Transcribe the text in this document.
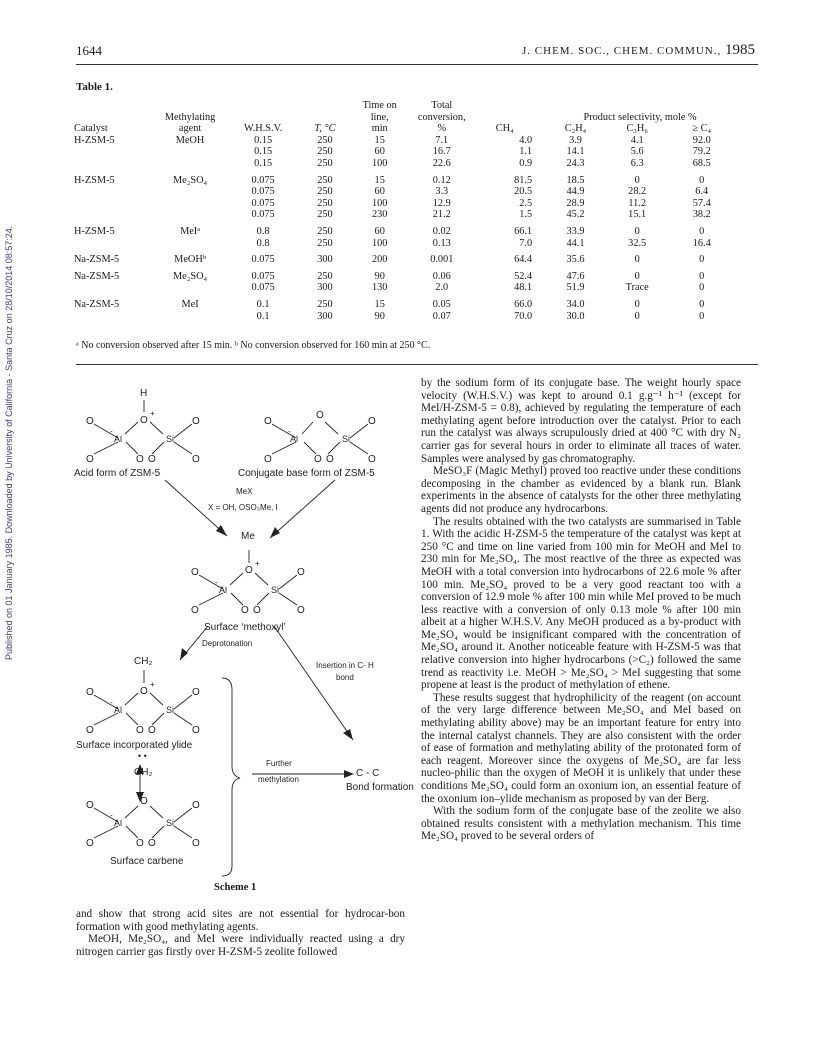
Published on 01 January 1985. Downloaded by University of California - Santa Cruz on 28/10/2014 08:57:24.
1644	J. CHEM. SOC., CHEM. COMMUN., 1985
Table 1.
				Time on	Total				
	Methylating			line,	conversion,		Product selectivity, mole %		
Catalyst	agent	W.H.S.V.	T, °C	min	%	CH₄	C₂H₄	C₃H₆	≥ C₄
H-ZSM-5	MeOH	0.15	250	15	7.1	4.0	3.9	4.1	92.0
		0.15	250	60	16.7	1.1	14.1	5.6	79.2
		0.15	250	100	22.6	0.9	24.3	6.3	68.5

H-ZSM-5	Me₂SO₄	0.075	250	15	0.12	81.5	18.5	0	0
		0.075	250	60	3.3	20.5	44.9	28.2	6.4
		0.075	250	100	12.9	2.5	28.9	11.2	57.4
		0.075	250	230	21.2	1.5	45.2	15.1	38.2

H-ZSM-5	MeIᵃ	0.8	250	60	0.02	66.1	33.9	0	0
		0.8	250	100	0.13	7.0	44.1	32.5	16.4

Na-ZSM-5	MeOHᵇ	0.075	300	200	0.001	64.4	35.6	0	0

Na-ZSM-5	Me₂SO₄	0.075	250	90	0.06	52.4	47.6	0	0
		0.075	300	130	2.0	48.1	51.9	Trace	0

Na-ZSM-5	MeI	0.1	250	15	0.05	66.0	34.0	0	0
		0.1	300	90	0.07	70.0	30.0	0	0
ᵃ No conversion observed after 15 min. ᵇ No conversion observed for 160 min at 250 °C.
H
O
+
Al
-
Si
O
O	O O
O
O
Acid form of ZSM-5
O
Al
-
Si
O
O	O O
O
O
Conjugate base form of ZSM-5
MeX
X = OH, OSO₃Me, I
Me
O
+
Al
-
Si
O
O	O O
O
O
Surface ‘methoxyl’
Deprotonation
Insertion in C- H
bond
CH₂
O
+
Al
-
Si
O
O	O O
O
O
Surface incorporated ylide
Further
methylation
C - C
Bond formation
• •
CH₂
O
Al
-
Si
O
O	O O
O
O
Surface carbene
Scheme 1

and show that strong acid sites are not essential for hydrocar-bon formation with good methylating agents.

MeOH, Me₂SO₄, and MeI were individually reacted using a dry nitrogen carrier gas firstly over H-ZSM-5 zeolite followed

by the sodium form of its conjugate base. The weight hourly space velocity (W.H.S.V.) was kept to around 0.1 g.g⁻¹ h⁻¹ (except for MeI/H-ZSM-5 = 0.8), achieved by regulating the temperature of each methylating agent before introduction over the catalyst. Prior to each run the catalyst was always scrupulously dried at 400 °C with dry N₂ carrier gas for several hours in order to eliminate all traces of water. Samples were analysed by gas chromatography.

MeSO₃F (Magic Methyl) proved too reactive under these conditions decomposing in the chamber as evidenced by a blank run. Blank experiments in the absence of catalysts for the other three methylating agents did not produce any hydrocarbons.

The results obtained with the two catalysts are summarised in Table 1. With the acidic H-ZSM-5 the temperature of the catalyst was kept at 250 °C and time on line varied from 100 min for MeOH and MeI to 230 min for Me₂SO₄. The most reactive of the three as expected was MeOH with a total conversion into hydrocarbons of 22.6 mole % after 100 min. Me₂SO₄ proved to be a very good reactant too with a conversion of 12.9 mole % after 100 min while MeI proved to be much less reactive with a conversion of only 0.13 mole % after 100 min albeit at a higher W.H.S.V. Any MeOH produced as a by-product with Me₂SO₄ would be insignificant compared with the concentration of Me₂SO₄ around it. Another noticeable feature with H-ZSM-5 was that relative conversion into higher hydrocarbons (>C₂) followed the same trend as reactivity i.e. MeOH > Me₂SO₄ > MeI suggesting that some propene at least is the product of methylation of ethene.

These results suggest that hydrophilicity of the reagent (on account of the very large difference between Me₂SO₄ and MeI based on methylating ability above) may be an important feature for entry into the internal catalyst channels. They are also consistent with the order of ease of formation and methylating ability of the protonated form of each reagent. Moreover since the oxygens of Me₂SO₄ are far less nucleo-philic than the oxygen of MeOH it is unlikely that under these conditions Me₂SO₄ could form an oxonium ion, an essential feature of the oxonium ion–ylide mechanism as proposed by van der Berg.

With the sodium form of the conjugate base of the zeolite we also obtained results consistent with a methylation mechanism. This time Me₂SO₄ proved to be several orders of
